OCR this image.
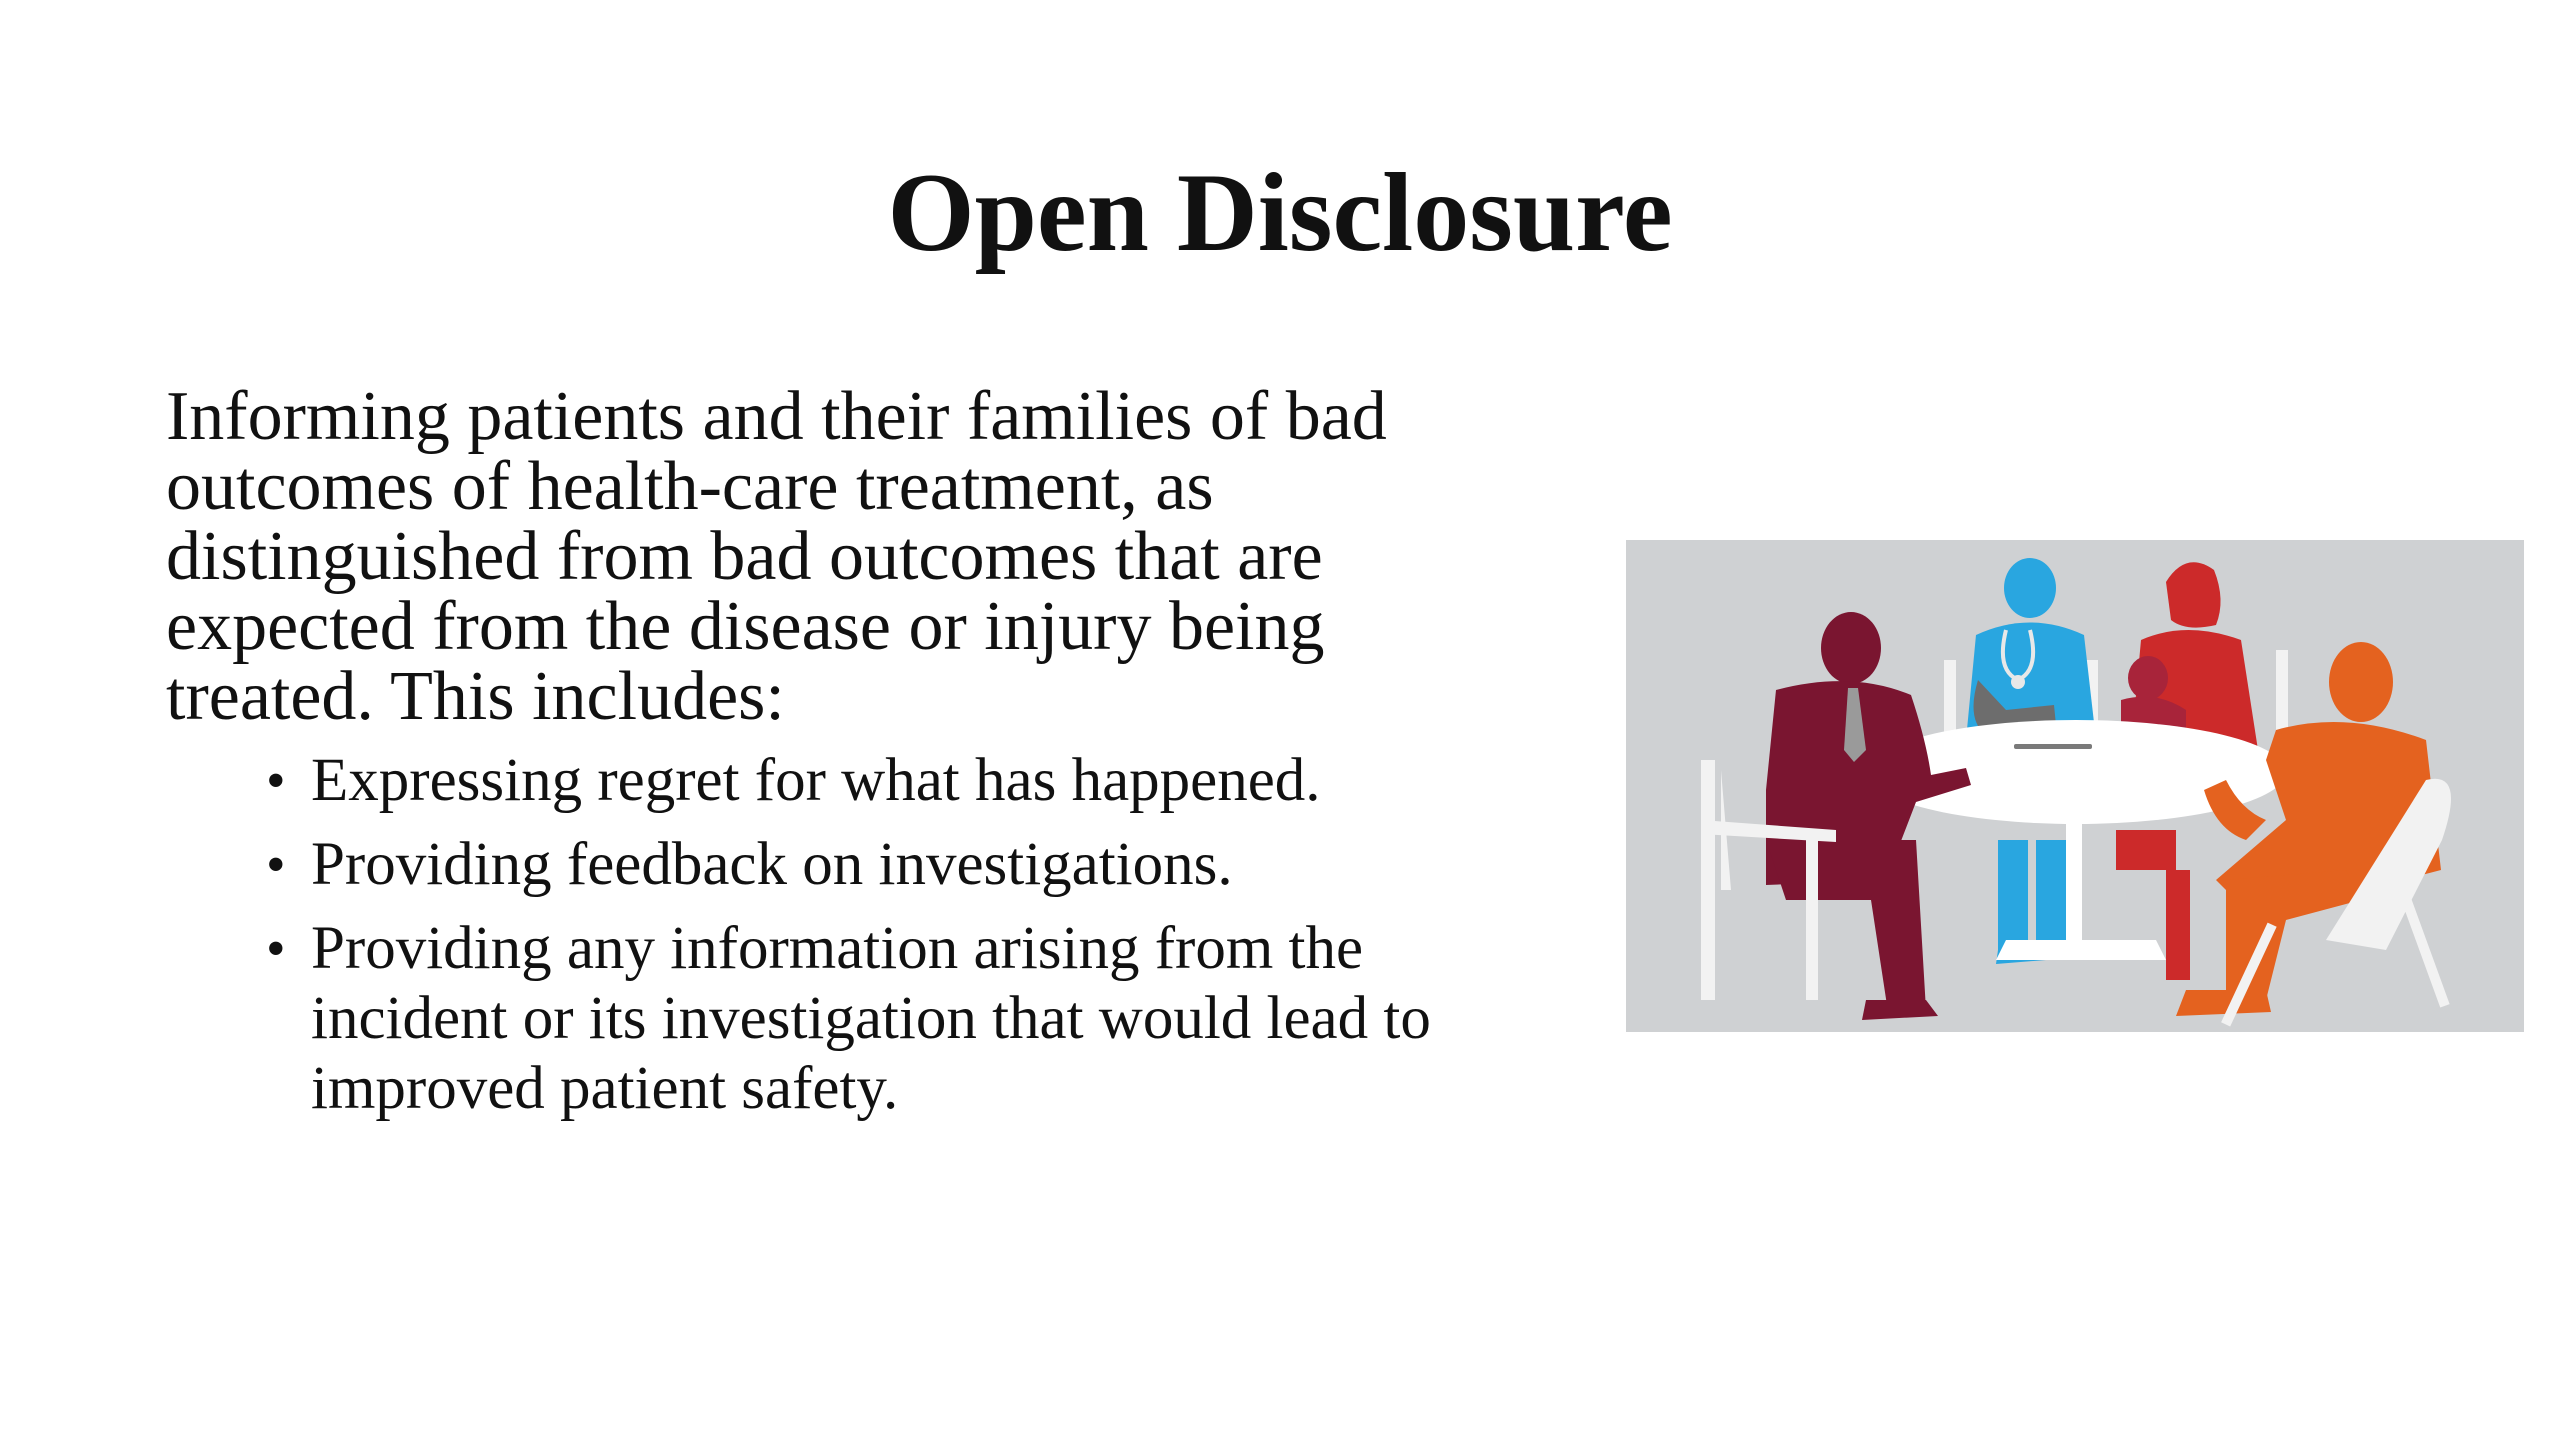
Open Disclosure

Informing patients and their families of bad outcomes of health-care treatment, as distinguished from bad outcomes that are expected from the disease or injury being treated. This includes:

• Expressing regret for what has happened.
• Providing feedback on investigations.
• Providing any information arising from the incident or its investigation that would lead to improved patient safety.
